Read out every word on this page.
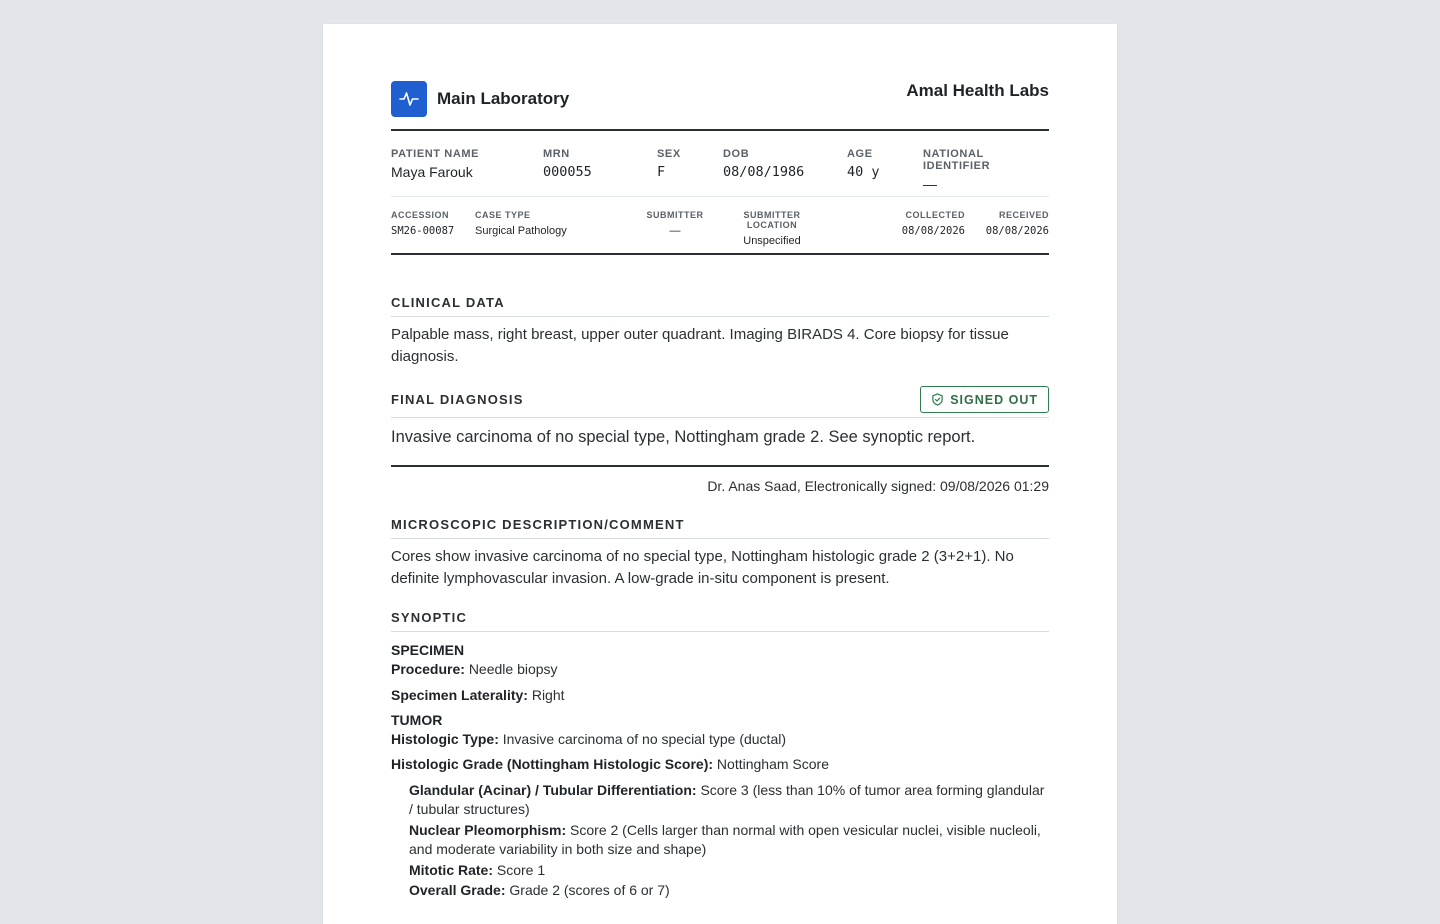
Main Laboratory	Amal Health Labs
PATIENT NAME
Maya Farouk
MRN
000055
SEX
F
DOB
08/08/1986
AGE
40 y
NATIONAL IDENTIFIER
—
ACCESSION
SM26-00087
CASE TYPE
Surgical Pathology
SUBMITTER
—
SUBMITTER LOCATION
Unspecified
COLLECTED
08/08/2026
RECEIVED
08/08/2026
CLINICAL DATA
Palpable mass, right breast, upper outer quadrant. Imaging BIRADS 4. Core biopsy for tissue diagnosis.
FINAL DIAGNOSIS	SIGNED OUT
Invasive carcinoma of no special type, Nottingham grade 2. See synoptic report.
Dr. Anas Saad, Electronically signed: 09/08/2026 01:29
MICROSCOPIC DESCRIPTION/COMMENT
Cores show invasive carcinoma of no special type, Nottingham histologic grade 2 (3+2+1). No definite lymphovascular invasion. A low-grade in-situ component is present.
SYNOPTIC
SPECIMEN
Procedure: Needle biopsy
Specimen Laterality: Right
TUMOR
Histologic Type: Invasive carcinoma of no special type (ductal)
Histologic Grade (Nottingham Histologic Score): Nottingham Score
Glandular (Acinar) / Tubular Differentiation: Score 3 (less than 10% of tumor area forming glandular / tubular structures)
Nuclear Pleomorphism: Score 2 (Cells larger than normal with open vesicular nuclei, visible nucleoli, and moderate variability in both size and shape)
Mitotic Rate: Score 1
Overall Grade: Grade 2 (scores of 6 or 7)
